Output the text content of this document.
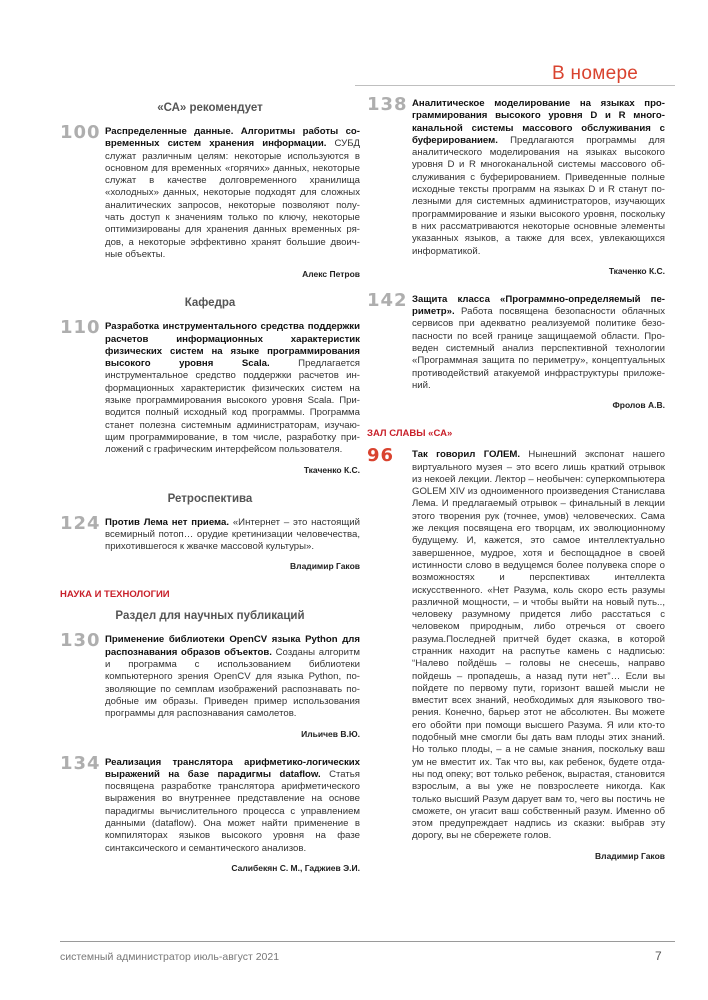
В номере
«СА» рекомендует
100 Распределенные данные. Алгоритмы работы современных систем хранения информации. СУБД служат различным целям: некоторые используются в основном для временных «горячих» данных, некоторые служат в качестве долговременного хранилища «холодных» данных, некоторые подходят для сложных аналитических запросов, некоторые позволяют получать доступ к значениям только по ключу, некоторые оптимизированы для хранения данных временных рядов, а некоторые эффективно хранят большие двоичные объекты.
Алекс Петров
Кафедра
110 Разработка инструментального средства поддержки расчетов информационных характеристик физических систем на языке программирования высокого уровня Scala. Предлагается инструментальное средство поддержки расчетов информационных характеристик физических систем на языке программирования высокого уровня Scala. Приводится полный исходный код программы. Программа станет полезна системным администраторам, изучающим программирование, в том числе, разработку приложений с графическим интерфейсом пользователя.
Ткаченко К.С.
Ретроспектива
124 Против Лема нет приема. «Интернет – это настоящий всемирный потоп… орудие кретинизации человечества, прихотившегося к жвачке массовой культуры».
Владимир Гаков
НАУКА И ТЕХНОЛОГИИ
Раздел для научных публикаций
130 Применение библиотеки OpenCV языка Python для распознавания образов объектов. Созданы алгоритм и программа с использованием библиотеки компьютерного зрения OpenCV для языка Python, позволяющие по семплам изображений распознавать подобные им образы. Приведен пример использования программы для распознавания самолетов.
Ильичев В.Ю.
134 Реализация транслятора арифметико-логических выражений на базе парадигмы dataflow. Статья посвящена разработке транслятора арифметического выражения во внутреннее представление на основе парадигмы вычислительного процесса с управлением данными (dataflow). Она может найти применение в компиляторах языков высокого уровня на фазе синтаксического и семантического анализов.
Салибекян С. М., Гаджиев Э.И.
138 Аналитическое моделирование на языках программирования высокого уровня D и R многоканальной системы массового обслуживания с буферированием. Предлагаются программы для аналитического моделирования на языках высокого уровня D и R многоканальной системы массового обслуживания с буферированием. Приведенные полные исходные тексты программ на языках D и R станут полезными для системных администраторов, изучающих программирование и языки высокого уровня, поскольку в них рассматриваются некоторые основные элементы указанных языков, а также для всех, увлекающихся информатикой.
Ткаченко К.С.
142 Защита класса «Программно-определяемый периметр». Работа посвящена безопасности облачных сервисов при адекватно реализуемой политике безопасности по всей границе защищаемой области. Проведен системный анализ перспективной технологии «Программная защита по периметру», концептуальных противодействий атакуемой инфраструктуры приложений.
Фролов А.В.
ЗАЛ СЛАВЫ «СА»
96	Так говорил ГОЛЕМ. Нынешний экспонат нашего виртуального музея – это всего лишь краткий отрывок из некоей лекции. Лектор – необычен: суперкомпьютера GOLEM XIV из одноименного произведения Станислава Лема. И предлагаемый отрывок – финальный в лекции этого творения рук (точнее, умов) человеческих. Сама же лекция посвящена его творцам, их эволюционному будущему. И, кажется, это самое интеллектуально завершенное, мудрое, хотя и беспощадное в своей истинности слово в ведущемся более полувека споре о возможностях и перспективах интеллекта искусственного. «Нет Разума, коль скоро есть разумы различной мощности, – и чтобы выйти на новый путь.., человеку разумному придется либо расстаться с человеком природным, либо отречься от своего разума.Последней притчей будет сказка, в которой странник находит на распутье камень с надписью: “Налево пойдёшь – головы не снесешь, направо пойдешь – пропадешь, а назад пути нет”… Если вы пойдете по первому пути, горизонт вашей мысли не вместит всех знаний, необходимых для языкового творения. Конечно, барьер этот не абсолютен. Вы можете его обойти при помощи высшего Разума. Я или кто-то подобный мне смогли бы дать вам плоды этих знаний. Но только плоды, – а не самые знания, поскольку ваш ум не вместит их. Так что вы, как ребенок, будете отданы под опеку; вот только ребенок, вырастая, становится взрослым, а вы уже не повзрослеете никогда. Как только высший Разум дарует вам то, чего вы постичь не сможете, он угасит ваш собственный разум. Именно об этом предупреждает надпись из сказки: выбрав эту дорогу, вы не сбережете голов.
Владимир Гаков
системный администратор июль-август 2021	7
